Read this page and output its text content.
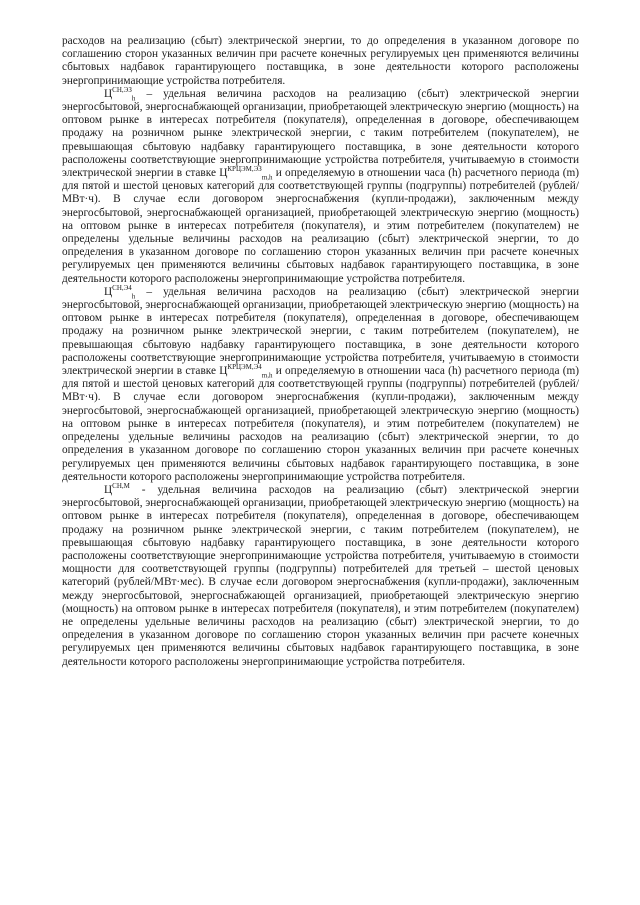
расходов на реализацию (сбыт) электрической энергии, то до определения в указанном договоре по соглашению сторон указанных величин при расчете конечных регулируемых цен применяются величины сбытовых надбавок гарантирующего поставщика, в зоне деятельности которого расположены энергопринимающие устройства потребителя.

$Ц^{СН,ЭЗ}_h$ – удельная величина расходов на реализацию (сбыт) электрической энергии энергосбытовой, энергоснабжающей организации, приобретающей электрическую энергию (мощность) на оптовом рынке в интересах потребителя (покупателя), определенная в договоре, обеспечивающем продажу на розничном рынке электрической энергии, с таким потребителем (покупателем), не превышающая сбытовую надбавку гарантирующего поставщика, в зоне деятельности которого расположены соответствующие энергопринимающие устройства потребителя, учитываемую в стоимости электрической энергии в ставке $Ц^{КРЦЭМ,ЭЗ}_{m,h}$ и определяемую в отношении часа (h) расчетного периода (m) для пятой и шестой ценовых категорий для соответствующей группы (подгруппы) потребителей (рублей/МВт·ч). В случае если договором энергоснабжения (купли-продажи), заключенным между энергосбытовой, энергоснабжающей организацией, приобретающей электрическую энергию (мощность) на оптовом рынке в интересах потребителя (покупателя), и этим потребителем (покупателем) не определены удельные величины расходов на реализацию (сбыт) электрической энергии, то до определения в указанном договоре по соглашению сторон указанных величин при расчете конечных регулируемых цен применяются величины сбытовых надбавок гарантирующего поставщика, в зоне деятельности которого расположены энергопринимающие устройства потребителя.

$Ц^{СН,Э4}_h$ – удельная величина расходов на реализацию (сбыт) электрической энергии энергосбытовой, энергоснабжающей организации, приобретающей электрическую энергию (мощность) на оптовом рынке в интересах потребителя (покупателя), определенная в договоре, обеспечивающем продажу на розничном рынке электрической энергии, с таким потребителем (покупателем), не превышающая сбытовую надбавку гарантирующего поставщика, в зоне деятельности которого расположены соответствующие энергопринимающие устройства потребителя, учитываемую в стоимости электрической энергии в ставке $Ц^{КРЦЭМ,Э4}_{m,h}$ и определяемую в отношении часа (h) расчетного периода (m) для пятой и шестой ценовых категорий для соответствующей группы (подгруппы) потребителей (рублей/МВт·ч). В случае если договором энергоснабжения (купли-продажи), заключенным между энергосбытовой, энергоснабжающей организацией, приобретающей электрическую энергию (мощность) на оптовом рынке в интересах потребителя (покупателя), и этим потребителем (покупателем) не определены удельные величины расходов на реализацию (сбыт) электрической энергии, то до определения в указанном договоре по соглашению сторон указанных величин при расчете конечных регулируемых цен применяются величины сбытовых надбавок гарантирующего поставщика, в зоне деятельности которого расположены энергопринимающие устройства потребителя.

$Ц^{СН,М}$ - удельная величина расходов на реализацию (сбыт) электрической энергии энергосбытовой, энергоснабжающей организации, приобретающей электрическую энергию (мощность) на оптовом рынке в интересах потребителя (покупателя), определенная в договоре, обеспечивающем продажу на розничном рынке электрической энергии, с таким потребителем (покупателем), не превышающая сбытовую надбавку гарантирующего поставщика, в зоне деятельности которого расположены соответствующие энергопринимающие устройства потребителя, учитываемую в стоимости мощности для соответствующей группы (подгруппы) потребителей для третьей – шестой ценовых категорий (рублей/МВт·мес). В случае если договором энергоснабжения (купли-продажи), заключенным между энергосбытовой, энергоснабжающей организацией, приобретающей электрическую энергию (мощность) на оптовом рынке в интересах потребителя (покупателя), и этим потребителем (покупателем) не определены удельные величины расходов на реализацию (сбыт) электрической энергии, то до определения в указанном договоре по соглашению сторон указанных величин при расчете конечных регулируемых цен применяются величины сбытовых надбавок гарантирующего поставщика, в зоне деятельности которого расположены энергопринимающие устройства потребителя.
